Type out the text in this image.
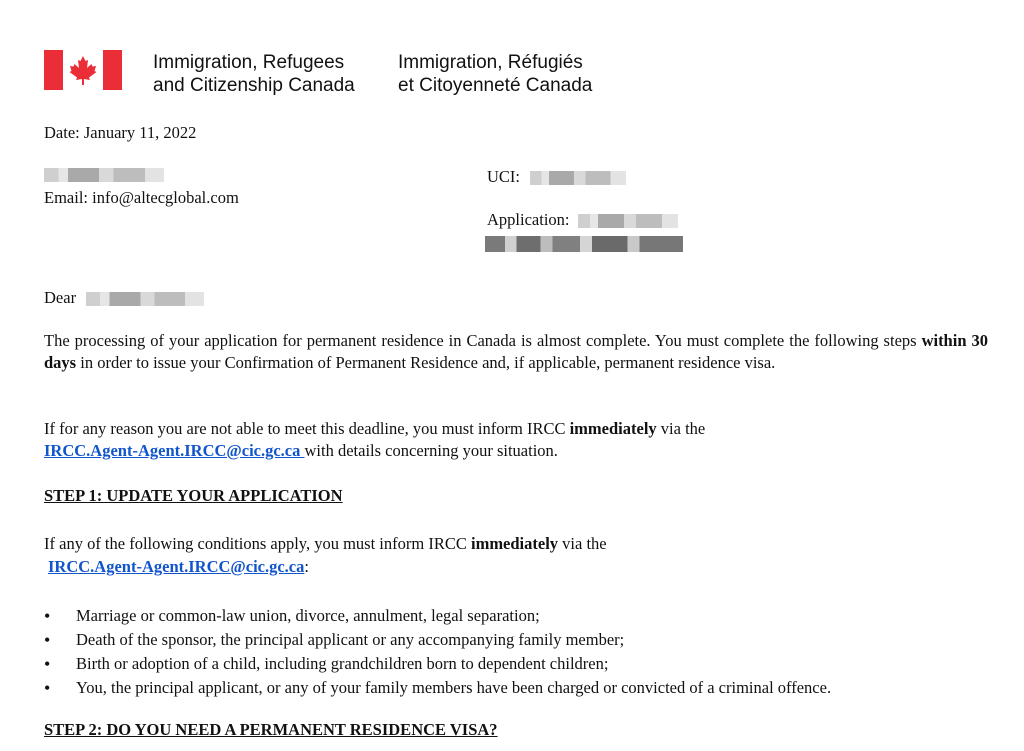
Immigration, Refugees
and Citizenship Canada
Immigration, Réfugiés
et Citoyenneté Canada
Date: January 11, 2022
Email: info@altecglobal.com
UCI:
Application:
Dear
The processing of your application for permanent residence in Canada is almost complete. You must complete the following steps within 30 days in order to issue your Confirmation of Permanent Residence and, if applicable, permanent residence visa.
If for any reason you are not able to meet this deadline, you must inform IRCC immediately via the
IRCC.Agent-Agent.IRCC@cic.gc.ca with details concerning your situation.
STEP 1: UPDATE YOUR APPLICATION
If any of the following conditions apply, you must inform IRCC immediately via the
IRCC.Agent-Agent.IRCC@cic.gc.ca:
• Marriage or common-law union, divorce, annulment, legal separation;
• Death of the sponsor, the principal applicant or any accompanying family member;
• Birth or adoption of a child, including grandchildren born to dependent children;
• You, the principal applicant, or any of your family members have been charged or convicted of a criminal offence.
STEP 2: DO YOU NEED A PERMANENT RESIDENCE VISA?
